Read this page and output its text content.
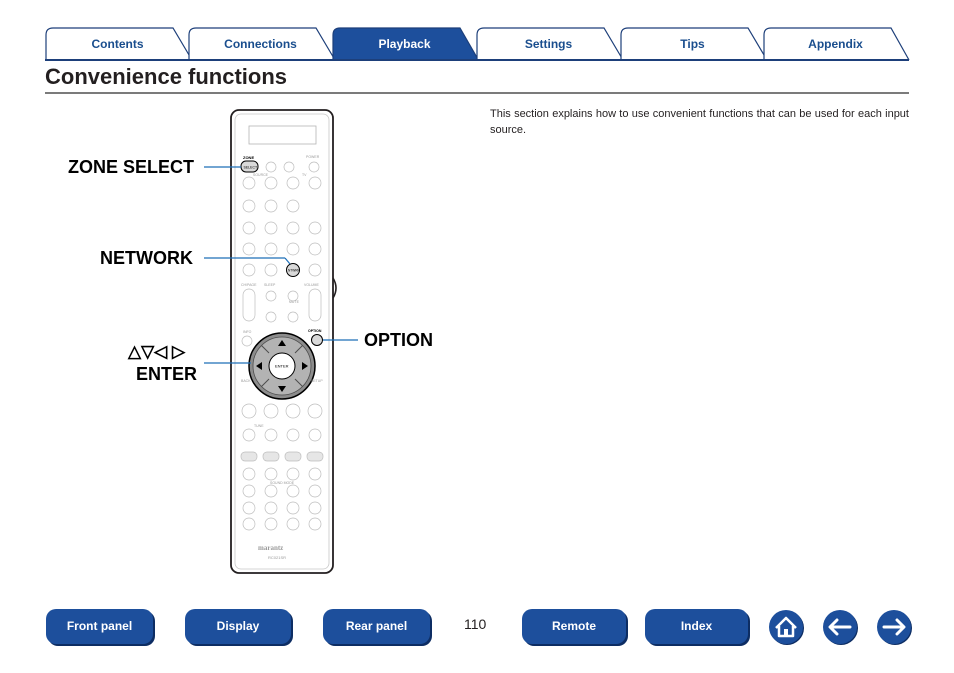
Contents	Connections	Playback	Settings	Tips	Appendix
Convenience functions
This section explains how to use convenient functions that can be used for each input source.
ZONE
SELECT
POWER
SOURCE	TV
NTWRK
CH/PAGE SLEEP	VOLUME
MUTE
INFO	OPTION
ENTER
BACK	SETUP
TUNE
SOUND MODE
marantz
RC021SR
ZONE SELECT
NETWORK
△▽◁ ▷
ENTER
OPTION
Front panel	Display	Rear panel	110	Remote	Index
